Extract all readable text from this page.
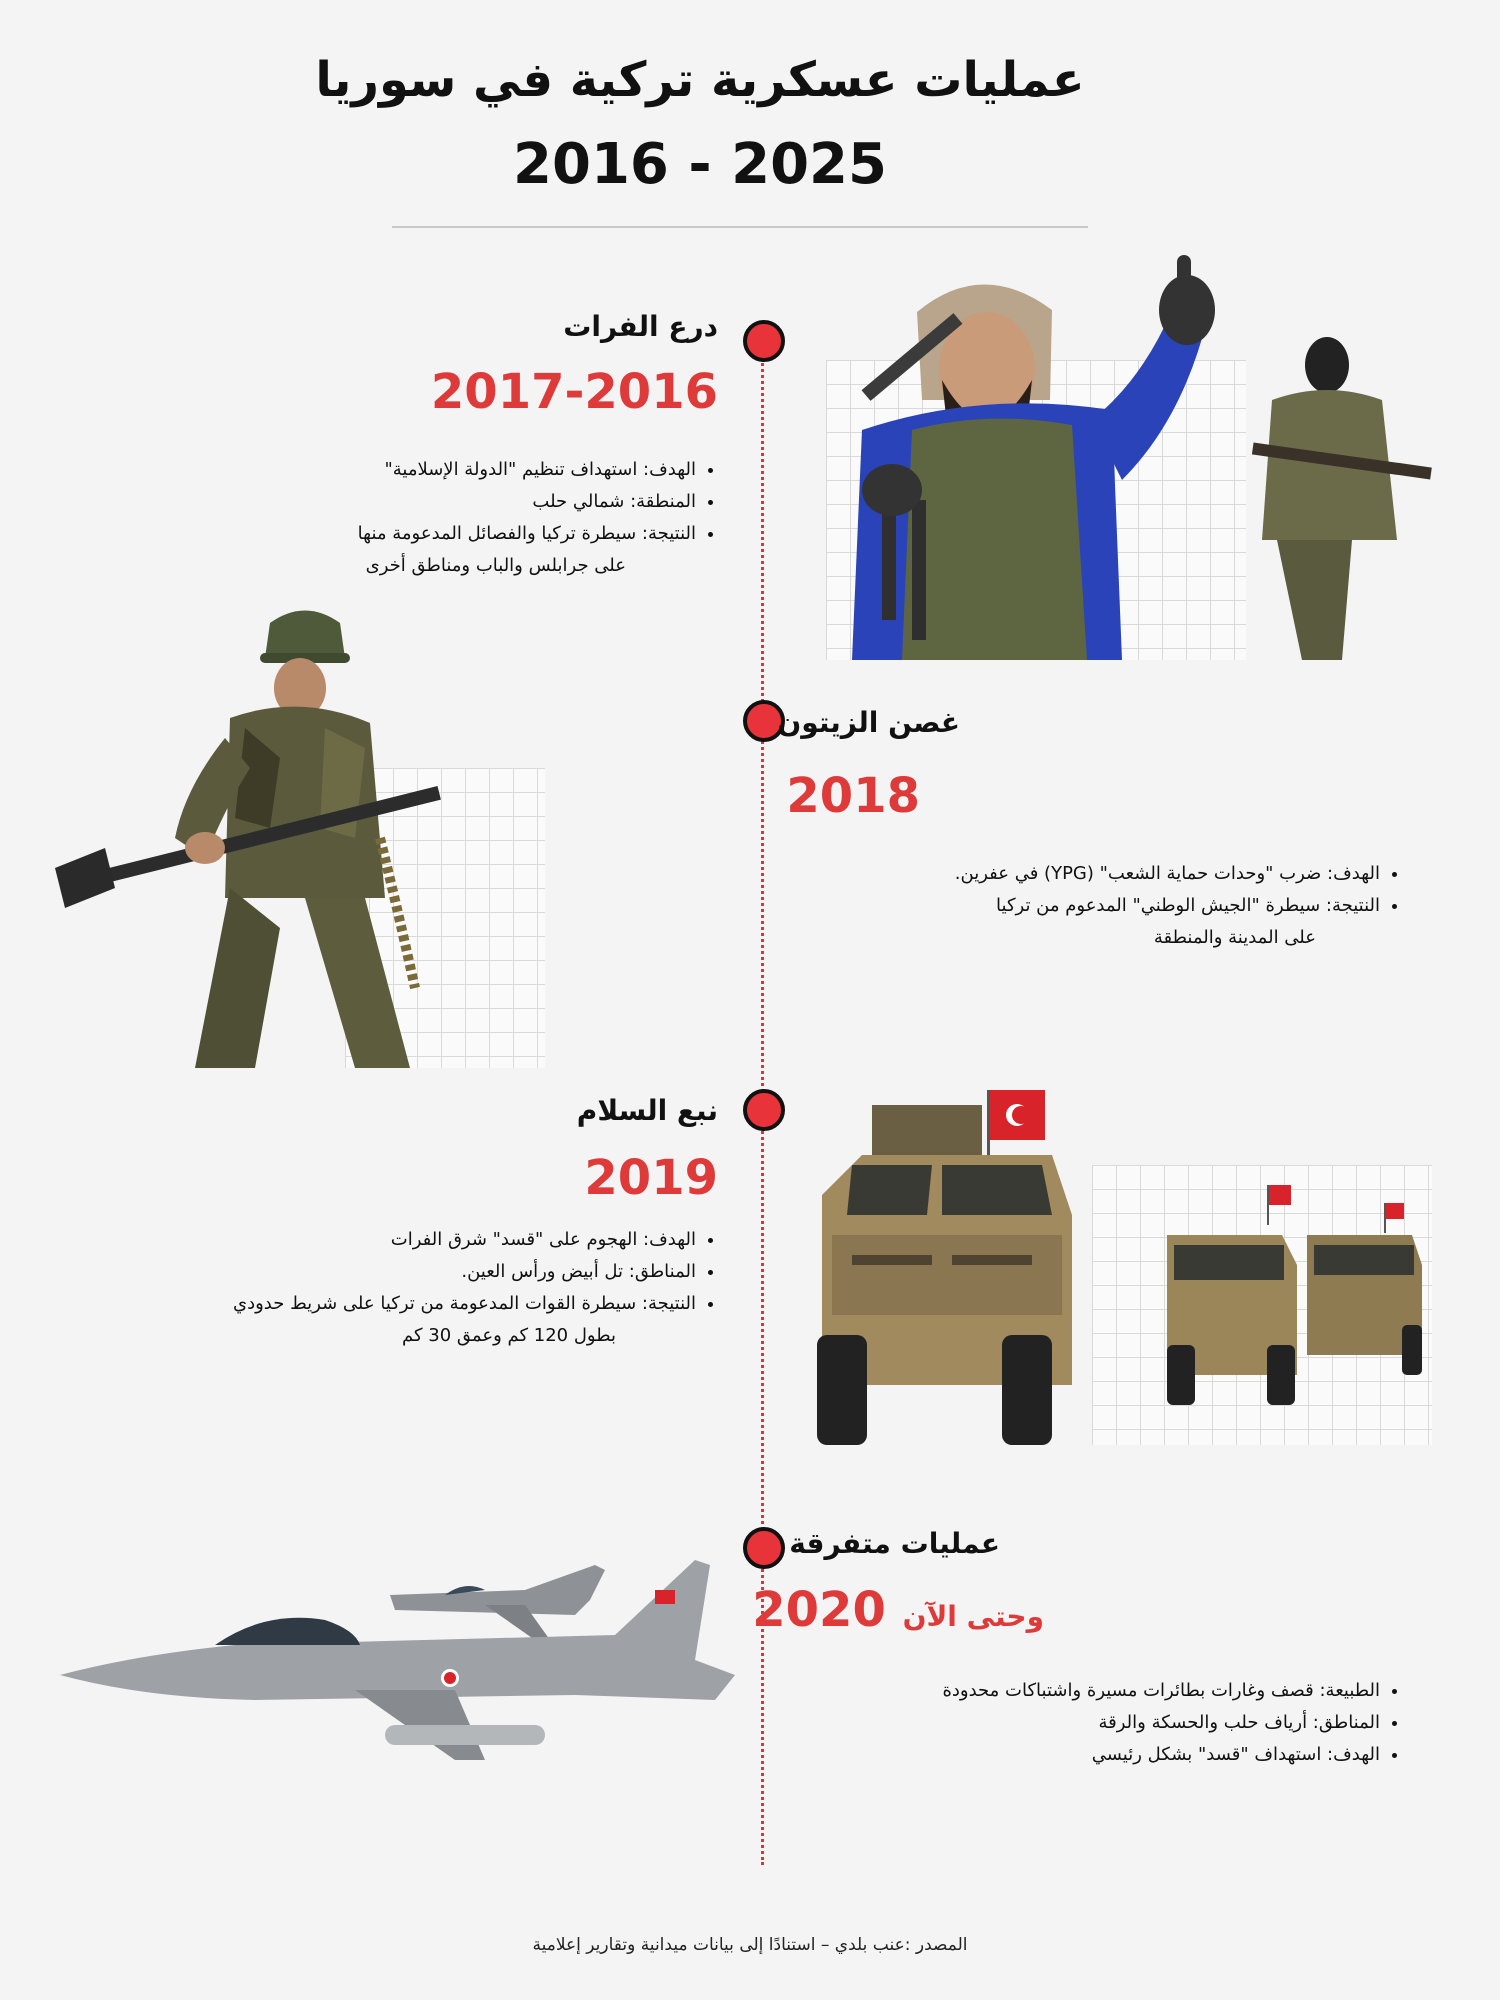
عمليات عسكرية تركية في سوريا
2016 - 2025
درع الفرات
2017-2016
• الهدف: استهداف تنظيم "الدولة الإسلامية"
• المنطقة: شمالي حلب
• النتيجة: سيطرة تركيا والفصائل المدعومة منها
على جرابلس والباب ومناطق أخرى
غصن الزيتون
2018
• الهدف: ضرب "وحدات حماية الشعب" (YPG) في عفرين.
• النتيجة: سيطرة "الجيش الوطني" المدعوم من تركيا
على المدينة والمنطقة
نبع السلام
2019
• الهدف: الهجوم على "قسد" شرق الفرات
• المناطق: تل أبيض ورأس العين.
• النتيجة: سيطرة القوات المدعومة من تركيا على شريط حدودي
بطول 120 كم وعمق 30 كم
عمليات متفرقة
2020 وحتى الآن
• الطبيعة: قصف وغارات بطائرات مسيرة واشتباكات محدودة
• المناطق: أرياف حلب والحسكة والرقة
• الهدف: استهداف "قسد" بشكل رئيسي
المصدر :عنب بلدي – استنادًا إلى بيانات ميدانية وتقارير إعلامية
